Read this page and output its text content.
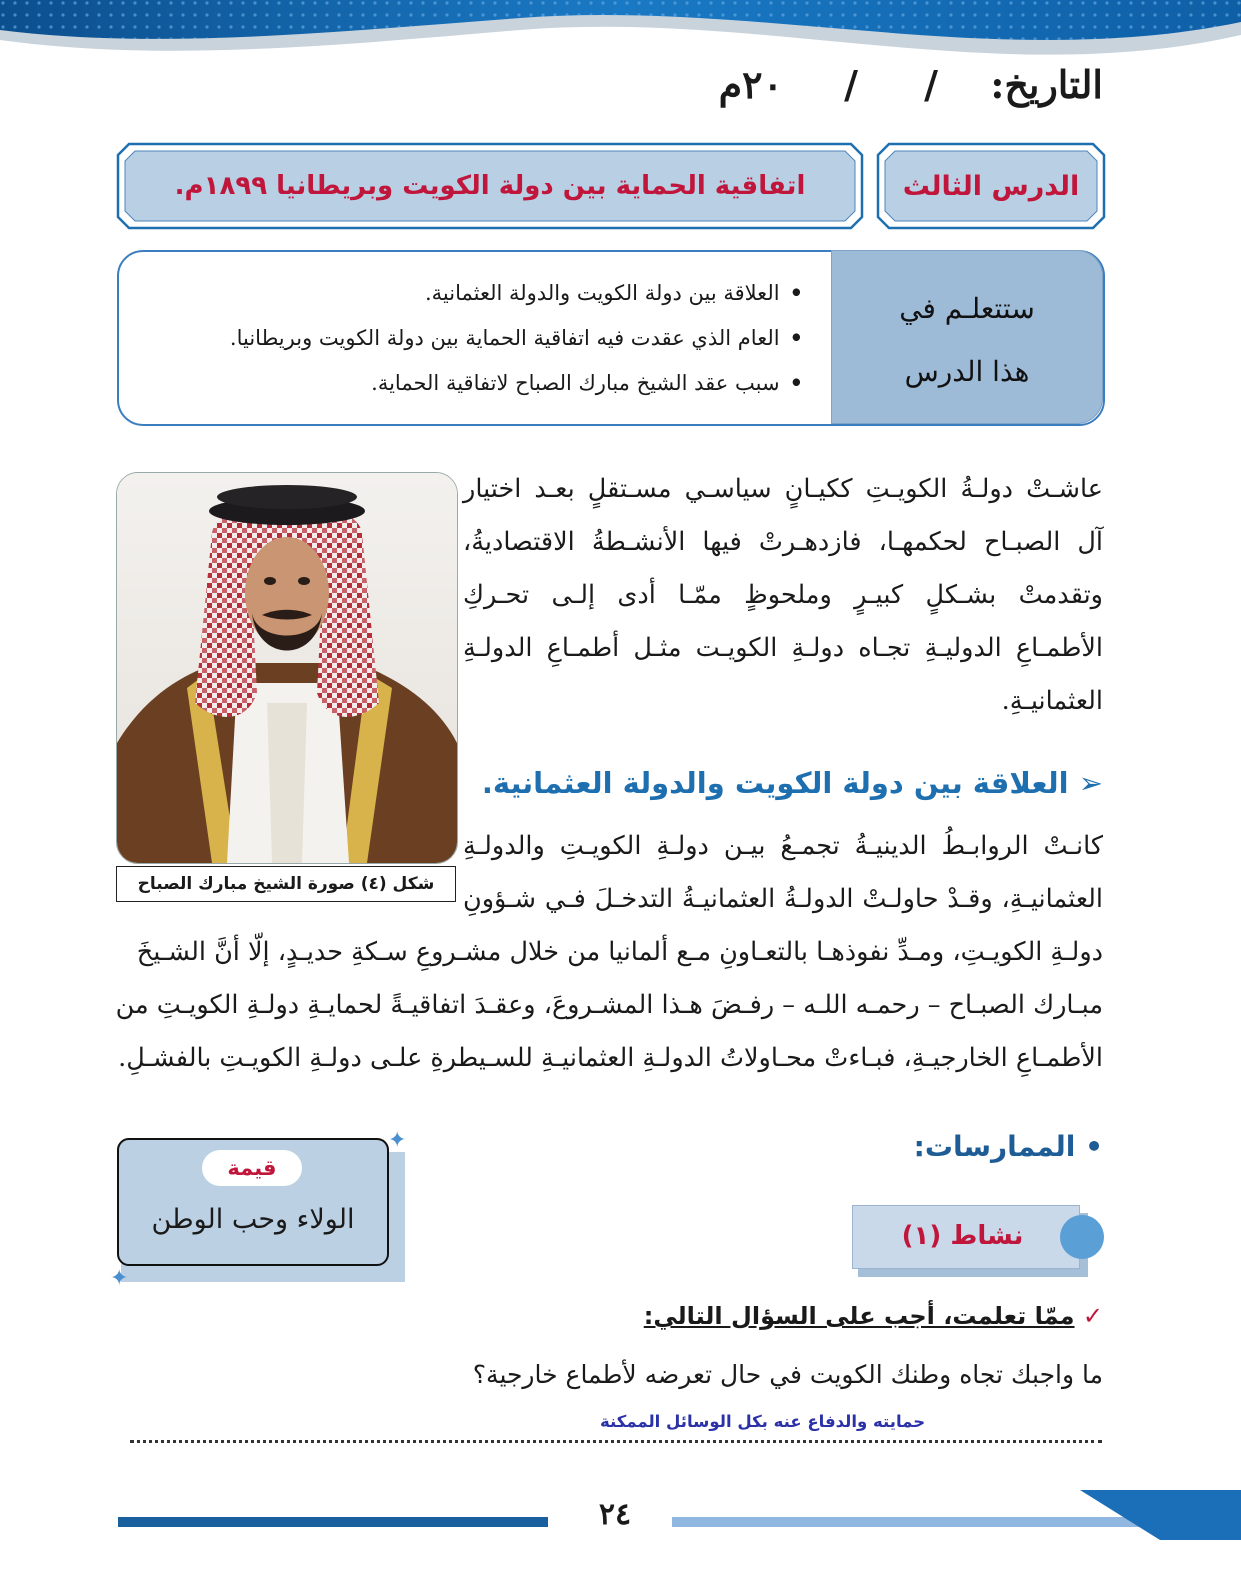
التاريخ:
/
/
٢٠م
الدرس الثالث
اتفاقية الحماية بين دولة الكويت وبريطانيا ١٨٩٩م.
ستتعلـم في
هذا الدرس
• العلاقة بين دولة الكويت والدولة العثمانية.
• العام الذي عقدت فيه اتفاقية الحماية بين دولة الكويت وبريطانيا.
• سبب عقد الشيخ مبارك الصباح لاتفاقية الحماية.
شكل (٤) صورة الشيخ مبارك الصباح
عاشـتْ دولـةُ الكويـتِ ككيـانٍ سياسـي مسـتقلٍ بعـد اختيار
آل الصبـاح لحكمهـا، فازدهـرتْ فيها الأنشـطةُ الاقتصاديةُ،
وتقدمتْ بشـكلٍ كبيـرٍ وملحوظٍ ممّـا أدى إلـى تحـركِ
الأطمـاعِ الدوليـةِ تجـاه دولـةِ الكويـت مثـل أطمـاعِ الدولـةِ
العثمانيـةِ.
➢ العلاقة بين دولة الكويت والدولة العثمانية.
كانـتْ الروابـطُ الدينيـةُ تجمـعُ بيـن دولـةِ الكويـتِ والدولـةِ
العثمانيـةِ، وقـدْ حاولـتْ الدولـةُ العثمانيـةُ التدخـلَ فـي شـؤونِ
دولـةِ الكويـتِ، ومـدِّ نفوذهـا بالتعـاونِ مـع ألمانيا من خلال مشـروعِ سـكةِ حديـدٍ، إلّا أنَّ الشـيخَ
مبـارك الصبـاح – رحمـه اللـه – رفـضَ هـذا المشـروعَ، وعقـدَ اتفاقيـةً لحمايـةِ دولـةِ الكويـتِ من
الأطمـاعِ الخارجيـةِ، فبـاءتْ محـاولاتُ الدولـةِ العثمانيـةِ للسـيطرةِ علـى دولـةِ الكويـتِ بالفشـلِ.
• الممارسات:
قيمة
الولاء وحب الوطن
✦
✦
نشاط (١)
✓ ممّا تعلمت، أجب على السؤال التالي:
ما واجبك تجاه وطنك الكويت في حال تعرضه لأطماع خارجية؟
حمايته والدفاع عنه بكل الوسائل الممكنة
٢٤
